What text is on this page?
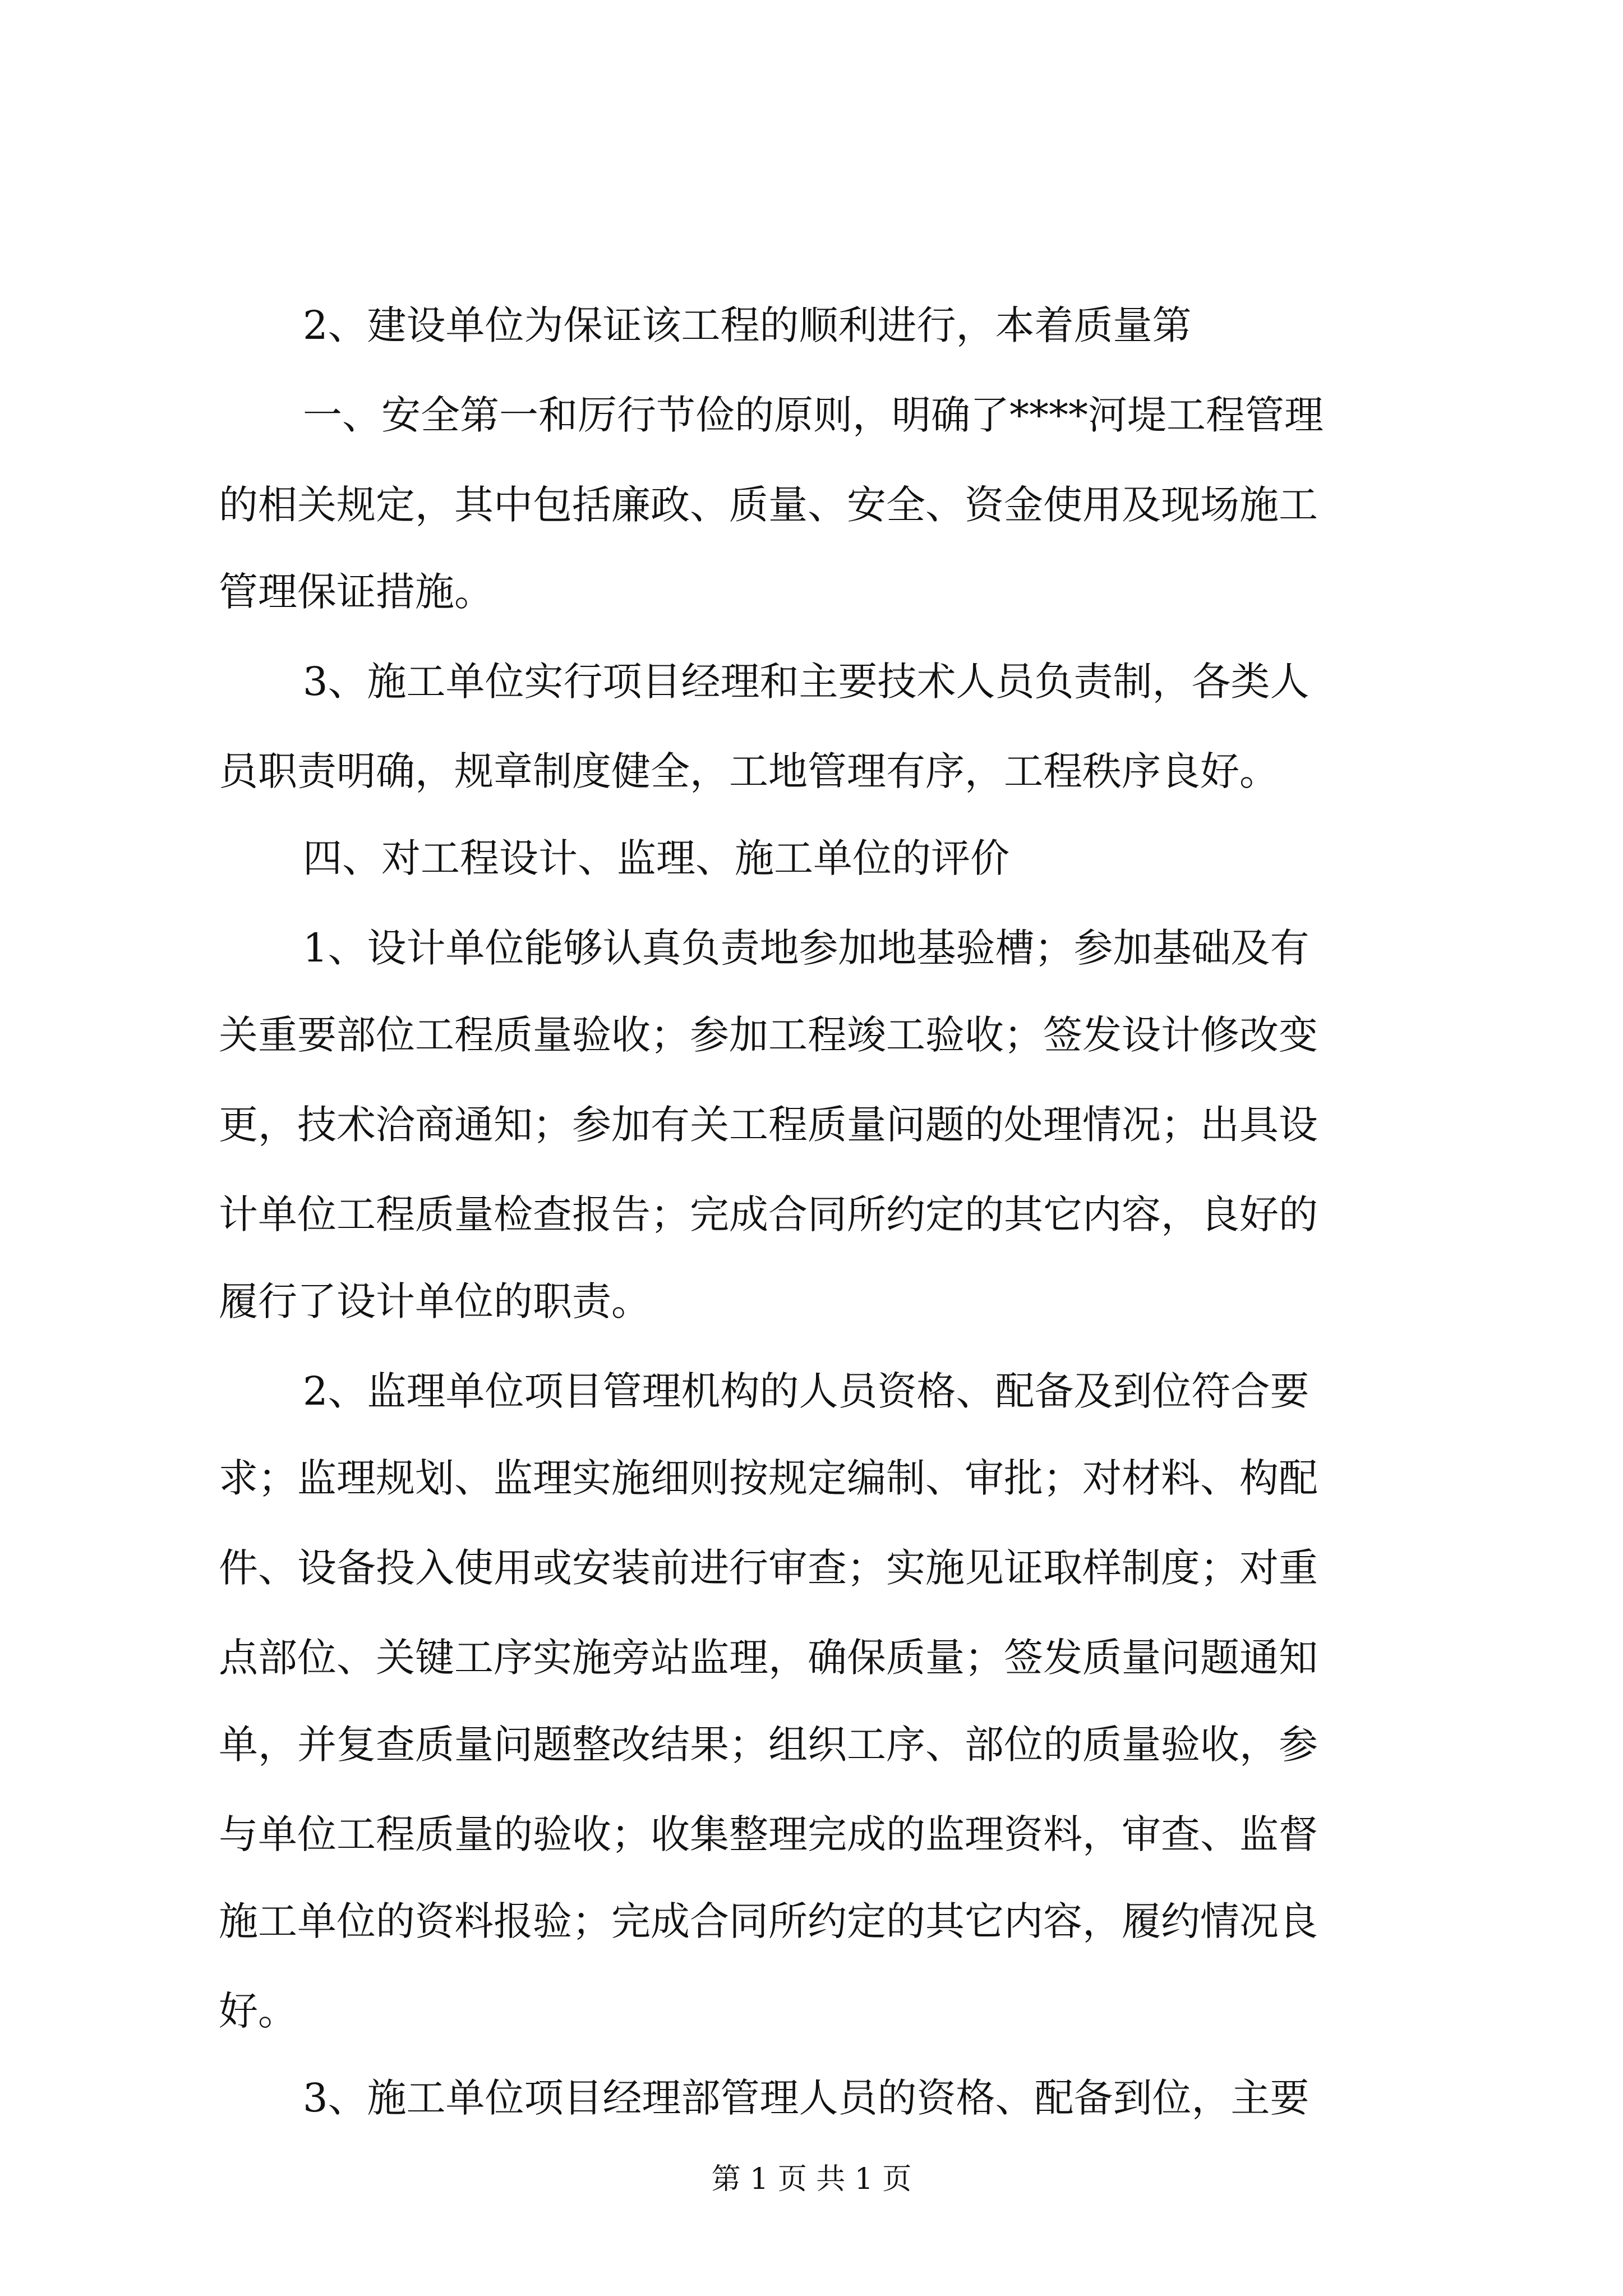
2、建设单位为保证该工程的顺利进行，本着质量第
一、安全第一和厉行节俭的原则，明确了****河堤工程管理
的相关规定，其中包括廉政、质量、安全、资金使用及现场施工
管理保证措施。
3、施工单位实行项目经理和主要技术人员负责制，各类人
员职责明确，规章制度健全，工地管理有序，工程秩序良好。
四、对工程设计、监理、施工单位的评价
1、设计单位能够认真负责地参加地基验槽；参加基础及有
关重要部位工程质量验收；参加工程竣工验收；签发设计修改变
更，技术洽商通知；参加有关工程质量问题的处理情况；出具设
计单位工程质量检查报告；完成合同所约定的其它内容，良好的
履行了设计单位的职责。
2、监理单位项目管理机构的人员资格、配备及到位符合要
求；监理规划、监理实施细则按规定编制、审批；对材料、构配
件、设备投入使用或安装前进行审查；实施见证取样制度；对重
点部位、关键工序实施旁站监理，确保质量；签发质量问题通知
单，并复查质量问题整改结果；组织工序、部位的质量验收，参
与单位工程质量的验收；收集整理完成的监理资料，审查、监督
施工单位的资料报验；完成合同所约定的其它内容，履约情况良
好。
3、施工单位项目经理部管理人员的资格、配备到位，主要
第 1 页 共 1 页
